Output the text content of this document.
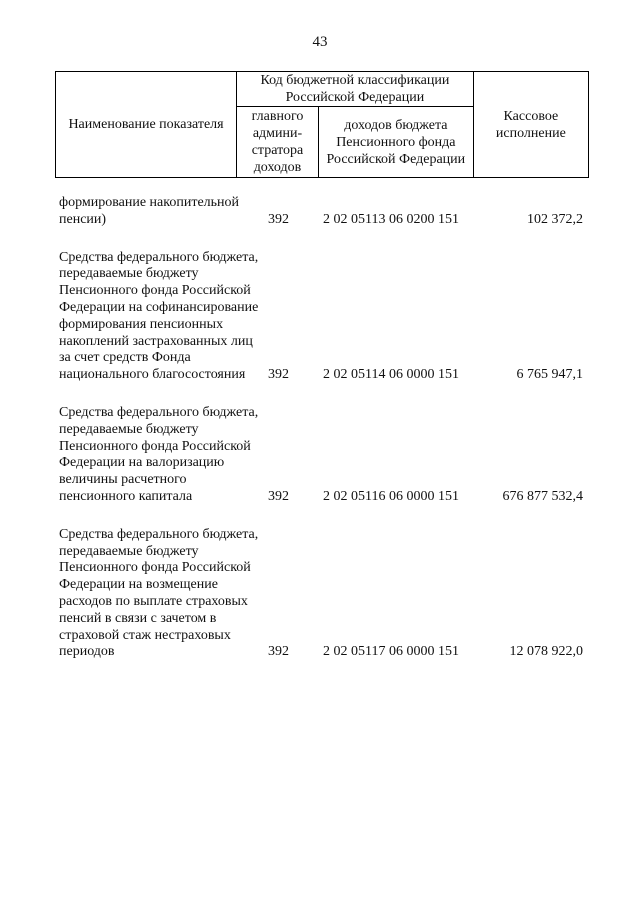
43
Наименование показателя	Код бюджетной классификации Российской Федерации		Кассовое исполнение
	главного админи-стратора доходов	доходов бюджета Пенсионного фонда Российской Федерации	
формирование накопительной пенсии)	392 2 02 05113 06 0200 151	102 372,2
Средства федерального бюджета, передаваемые бюджету Пенсионного фонда Российской Федерации на софинансирование формирования пенсионных накоплений застрахованных лиц за счет средств Фонда национального благосостояния	392 2 02 05114 06 0000 151	6 765 947,1
Средства федерального бюджета, передаваемые бюджету Пенсионного фонда Российской Федерации на валоризацию величины расчетного пенсионного капитала	392 2 02 05116 06 0000 151	676 877 532,4
Средства федерального бюджета, передаваемые бюджету Пенсионного фонда Российской Федерации на возмещение расходов по выплате страховых пенсий в связи с зачетом в страховой стаж нестраховых периодов	392 2 02 05117 06 0000 151	12 078 922,0
